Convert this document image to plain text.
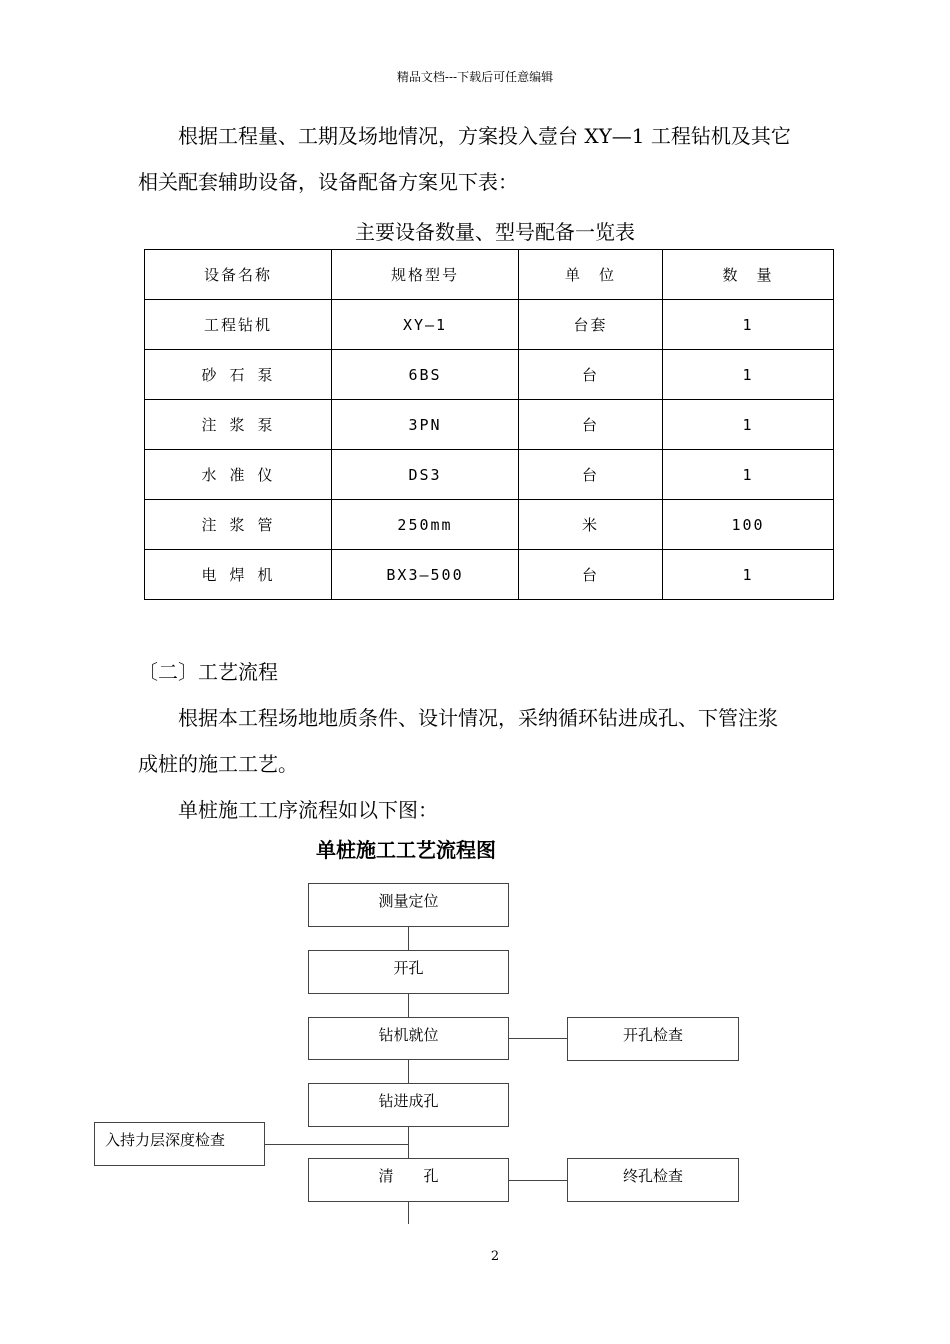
精品文档---下载后可任意编辑
根据工程量、工期及场地情况，方案投入壹台 XY—1 工程钻机及其它
相关配套辅助设备，设备配备方案见下表：
主要设备数量、型号配备一览表
设备名称	规格型号	单　位	数　量
工程钻机	XY—1	台套	1
砂 石 泵	6BS	台	1
注 浆 泵	3PN	台	1
水 准 仪	DS3	台	1
注 浆 管	250mm	米	100
电 焊 机	BX3—500	台	1
〔二〕工艺流程
根据本工程场地地质条件、设计情况，采纳循环钻进成孔、下管注浆
成桩的施工工艺。
单桩施工工序流程如以下图：
单桩施工工艺流程图
测量定位
开孔
钻机就位
钻进成孔
清　　孔
开孔检查
入持力层深度检查
终孔检查
2
